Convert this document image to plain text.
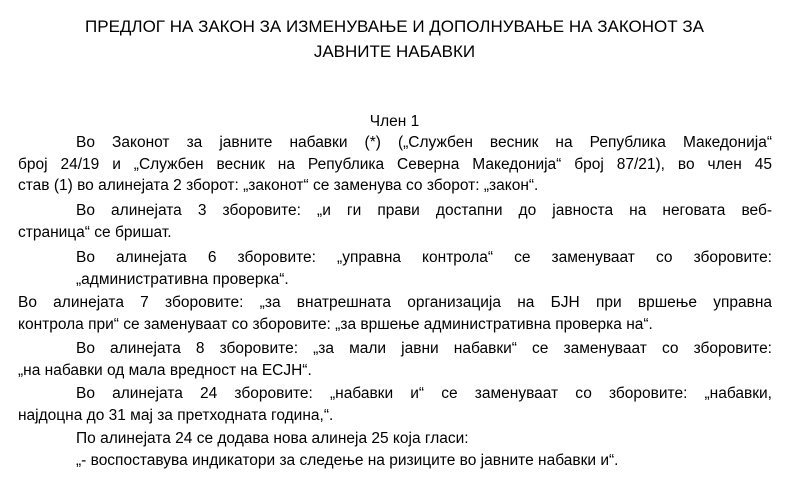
ПРЕДЛОГ НА ЗАКОН ЗА ИЗМЕНУВАЊЕ И ДОПОЛНУВАЊЕ НА ЗАКОНОТ ЗА
ЈАВНИТЕ НАБАВКИ
Член 1
Во Законот за јавните набавки (*) („Службен весник на Република Македонија“
број 24/19 и „Службен весник на Република Северна Македонија“ број 87/21), во член 45
став (1) во алинејата 2 зборот: „законот“ се заменува со зборот: „закон“.
Во алинејата 3 зборовите: „и ги прави достапни до јавноста на неговата веб-
страница“ се бришат.
Во алинејата 6 зборовите: „управна контрола“ се заменуваат со зборовите:
„административна проверка“.
Во алинејата 7 зборовите: „за внатрешната организација на БЈН при вршење управна
контрола при“ се заменуваат со зборовите: „за вршење административна проверка на“.
Во алинејата 8 зборовите: „за мали јавни набавки“ се заменуваат со зборовите:
„на набавки од мала вредност на ЕСЈН“.
Во алинејата 24 зборовите: „набавки и“ се заменуваат со зборовите: „набавки,
најдоцна до 31 мај за претходната година,“.
По алинејата 24 се додава нова алинеја 25 која гласи:
„- воспоставува индикатори за следење на ризиците во јавните набавки и“.
